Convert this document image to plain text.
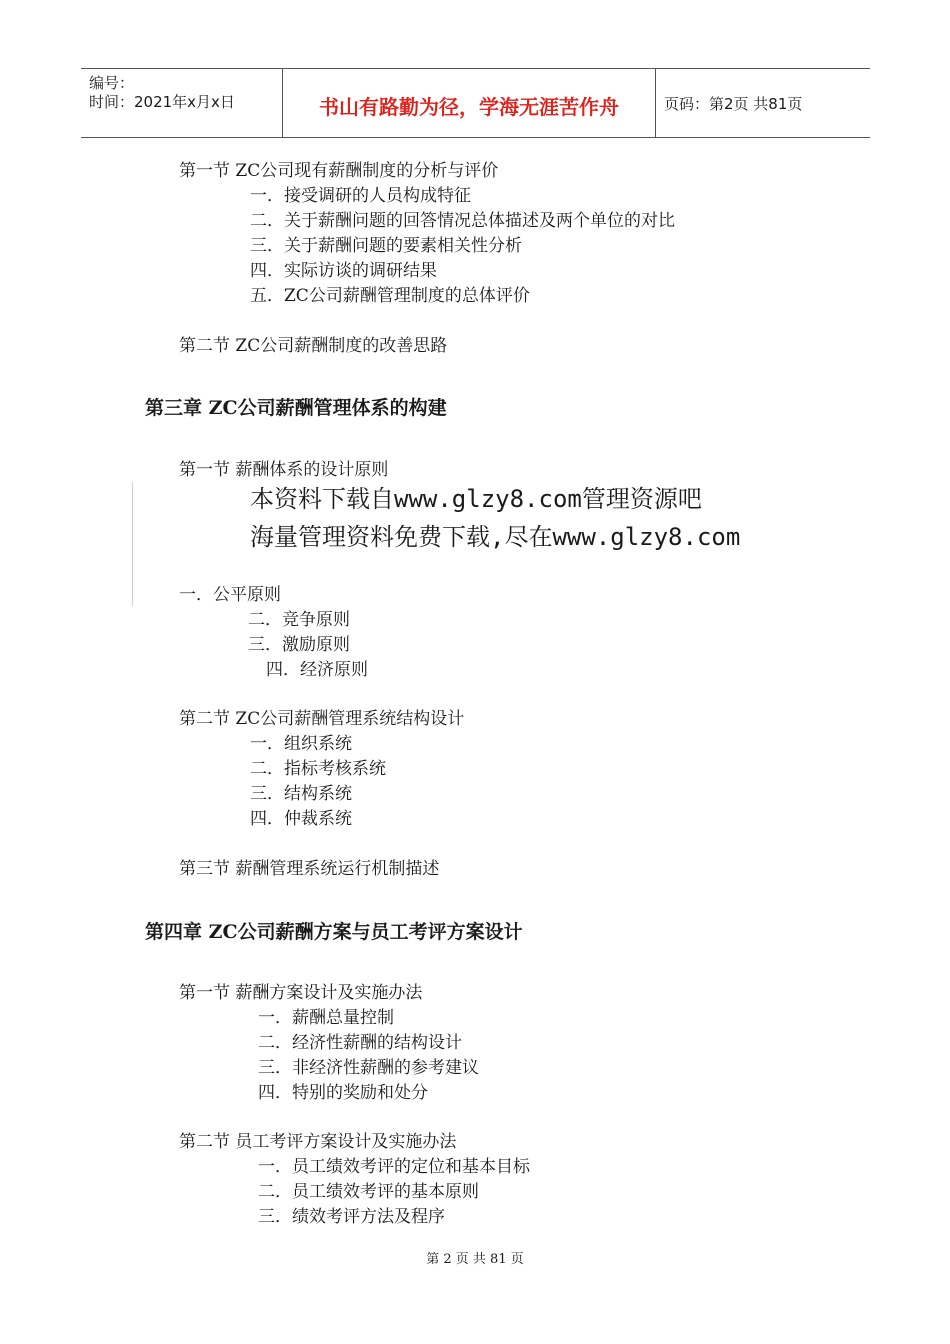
编号：
时间：2021年x月x日	书山有路勤为径，学海无涯苦作舟	页码：第2页 共81页
第一节 ZC公司现有薪酬制度的分析与评价
一．接受调研的人员构成特征
二．关于薪酬问题的回答情况总体描述及两个单位的对比
三．关于薪酬问题的要素相关性分析
四．实际访谈的调研结果
五．ZC公司薪酬管理制度的总体评价
第二节 ZC公司薪酬制度的改善思路
第三章 ZC公司薪酬管理体系的构建
第一节 薪酬体系的设计原则
本资料下载自www.glzy8.com管理资源吧
海量管理资料免费下载,尽在www.glzy8.com
一．公平原则
二．竞争原则
三．激励原则
四．经济原则
第二节 ZC公司薪酬管理系统结构设计
一．组织系统
二．指标考核系统
三．结构系统
四．仲裁系统
第三节 薪酬管理系统运行机制描述
第四章 ZC公司薪酬方案与员工考评方案设计
第一节 薪酬方案设计及实施办法
一．薪酬总量控制
二．经济性薪酬的结构设计
三．非经济性薪酬的参考建议
四．特别的奖励和处分
第二节 员工考评方案设计及实施办法
一．员工绩效考评的定位和基本目标
二．员工绩效考评的基本原则
三．绩效考评方法及程序
第 2 页 共 81 页
